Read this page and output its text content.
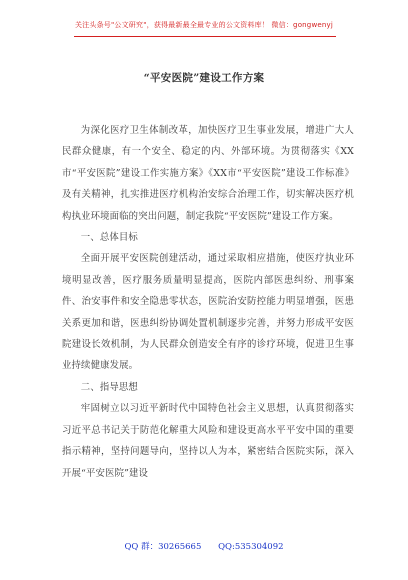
关注头条号"公文研究"，获得最新最全最专业的公文资料库！ 微信：gongwenyj
“平安医院”建设工作方案

为深化医疗卫生体制改革，加快医疗卫生事业发展，增进广大人民群众健康，有一个安全、稳定的内、外部环境。为贯彻落实《XX市“平安医院”建设工作实施方案》《XX市“平安医院”建设工作标准》及有关精神，扎实推进医疗机构治安综合治理工作，切实解决医疗机构执业环境面临的突出问题，制定我院“平安医院”建设工作方案。

一、总体目标

全面开展平安医院创建活动，通过采取相应措施，使医疗执业环境明显改善，医疗服务质量明显提高，医院内部医患纠纷、刑事案件、治安事件和安全隐患零状态，医院治安防控能力明显增强，医患关系更加和谐，医患纠纷协调处置机制逐步完善，并努力形成平安医院建设长效机制，为人民群众创造安全有序的诊疗环境，促进卫生事业持续健康发展。

二、指导思想

牢固树立以习近平新时代中国特色社会主义思想，认真贯彻落实习近平总书记关于防范化解重大风险和建设更高水平平安中国的重要指示精神，坚持问题导向，坚持以人为本，紧密结合医院实际，深入开展“平安医院”建设

QQ 群：30265665 QQ:535304092
